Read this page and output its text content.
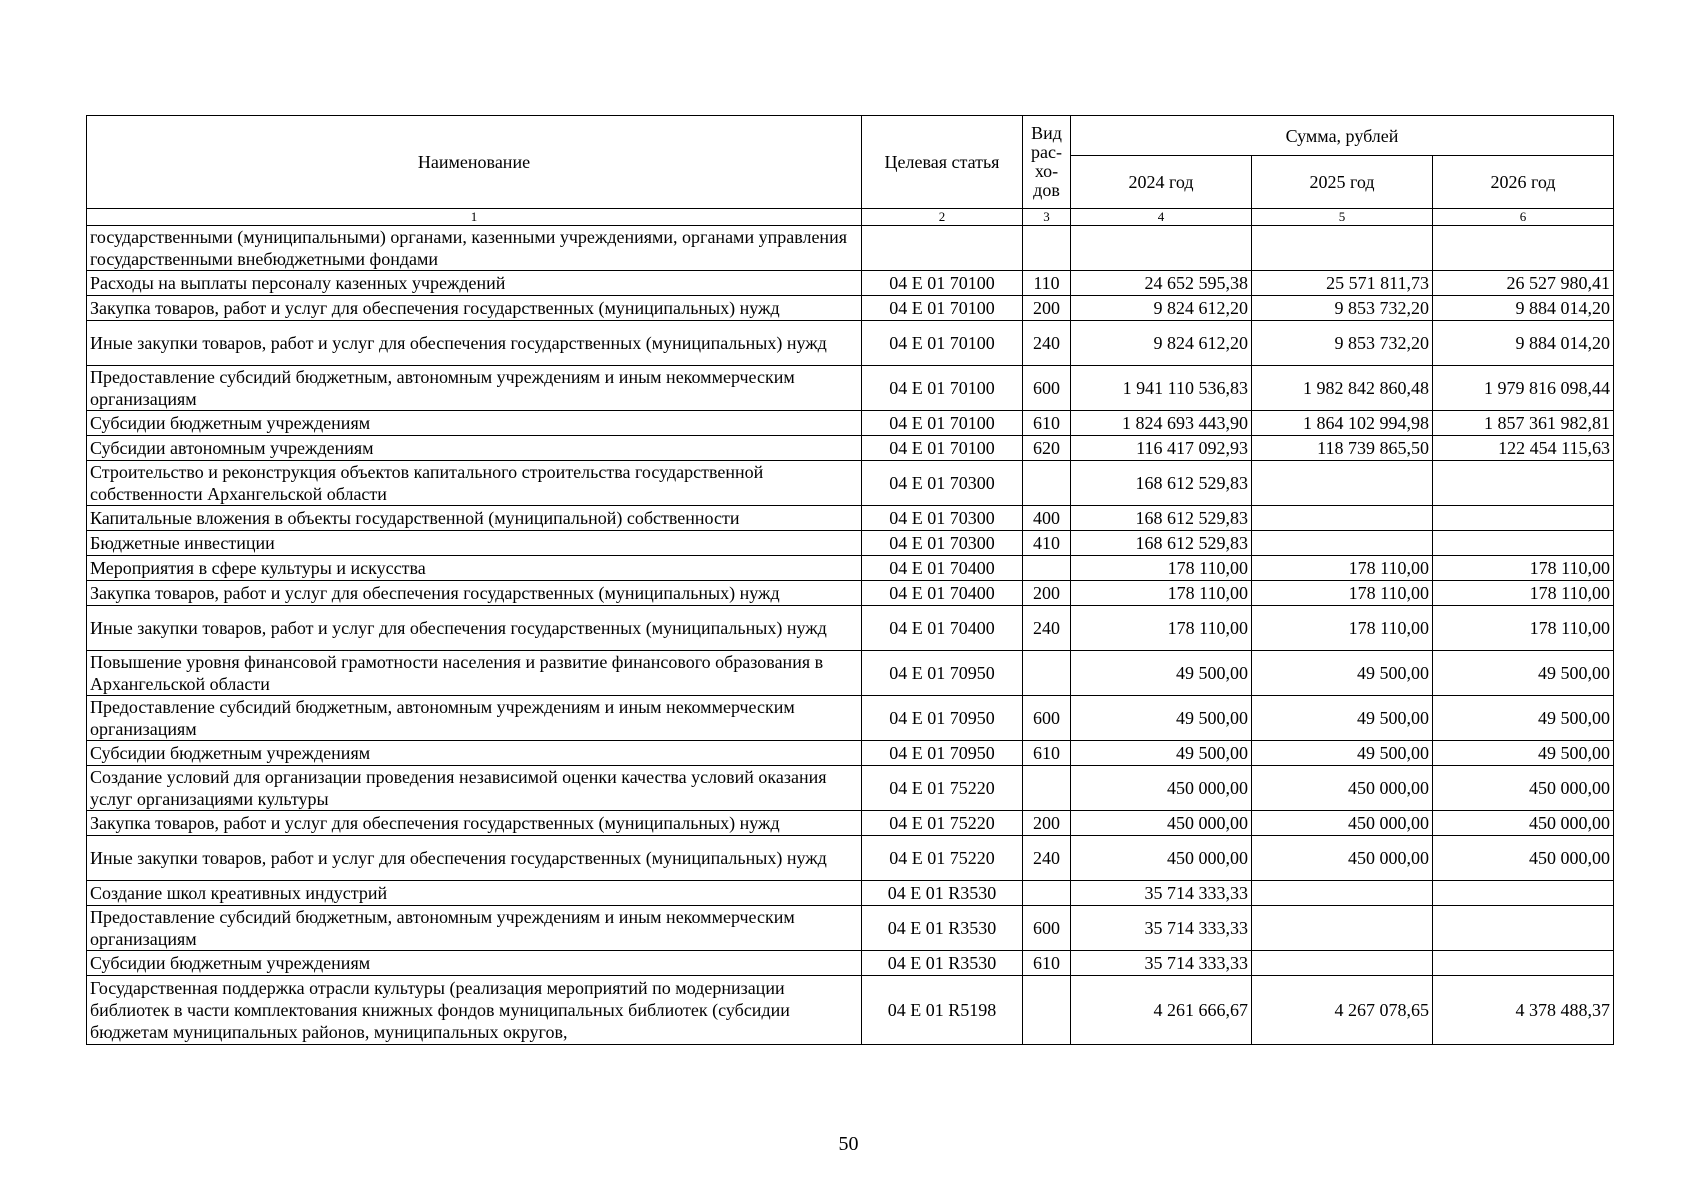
Наименование	Целевая статья	Вид рас-хо-дов	Сумма, рублей		
			2024 год	2025 год	2026 год
1	2	3	4	5	6
государственными (муниципальными) органами, казенными учреждениями, органами управления государственными внебюджетными фондами					
Расходы на выплаты персоналу казенных учреждений	04 Е 01 70100	110	24 652 595,38	25 571 811,73	26 527 980,41
Закупка товаров, работ и услуг для обеспечения государственных (муниципальных) нужд	04 Е 01 70100	200	9 824 612,20	9 853 732,20	9 884 014,20
Иные закупки товаров, работ и услуг для обеспечения государственных (муниципальных) нужд	04 Е 01 70100	240	9 824 612,20	9 853 732,20	9 884 014,20
Предоставление субсидий бюджетным, автономным учреждениям и иным некоммерческим организациям	04 Е 01 70100	600	1 941 110 536,83	1 982 842 860,48	1 979 816 098,44
Субсидии бюджетным учреждениям	04 Е 01 70100	610	1 824 693 443,90	1 864 102 994,98	1 857 361 982,81
Субсидии автономным учреждениям	04 Е 01 70100	620	116 417 092,93	118 739 865,50	122 454 115,63
Строительство и реконструкция объектов капитального строительства государственной собственности Архангельской области	04 Е 01 70300		168 612 529,83		
Капитальные вложения в объекты государственной (муниципальной) собственности	04 Е 01 70300	400	168 612 529,83		
Бюджетные инвестиции	04 Е 01 70300	410	168 612 529,83		
Мероприятия в сфере культуры и искусства	04 Е 01 70400		178 110,00	178 110,00	178 110,00
Закупка товаров, работ и услуг для обеспечения государственных (муниципальных) нужд	04 Е 01 70400	200	178 110,00	178 110,00	178 110,00
Иные закупки товаров, работ и услуг для обеспечения государственных (муниципальных) нужд	04 Е 01 70400	240	178 110,00	178 110,00	178 110,00
Повышение уровня финансовой грамотности населения и развитие финансового образования в Архангельской области	04 Е 01 70950		49 500,00	49 500,00	49 500,00
Предоставление субсидий бюджетным, автономным учреждениям и иным некоммерческим организациям	04 Е 01 70950	600	49 500,00	49 500,00	49 500,00
Субсидии бюджетным учреждениям	04 Е 01 70950	610	49 500,00	49 500,00	49 500,00
Создание условий для организации проведения независимой оценки качества условий оказания услуг организациями культуры	04 Е 01 75220		450 000,00	450 000,00	450 000,00
Закупка товаров, работ и услуг для обеспечения государственных (муниципальных) нужд	04 Е 01 75220	200	450 000,00	450 000,00	450 000,00
Иные закупки товаров, работ и услуг для обеспечения государственных (муниципальных) нужд	04 Е 01 75220	240	450 000,00	450 000,00	450 000,00
Создание школ креативных индустрий	04 Е 01 R3530		35 714 333,33		
Предоставление субсидий бюджетным, автономным учреждениям и иным некоммерческим организациям	04 Е 01 R3530	600	35 714 333,33		
Субсидии бюджетным учреждениям	04 Е 01 R3530	610	35 714 333,33		
Государственная поддержка отрасли культуры (реализация мероприятий по модернизации библиотек в части комплектования книжных фондов муниципальных библиотек (субсидии бюджетам муниципальных районов, муниципальных округов,	04 Е 01 R5198		4 261 666,67	4 267 078,65	4 378 488,37
50
